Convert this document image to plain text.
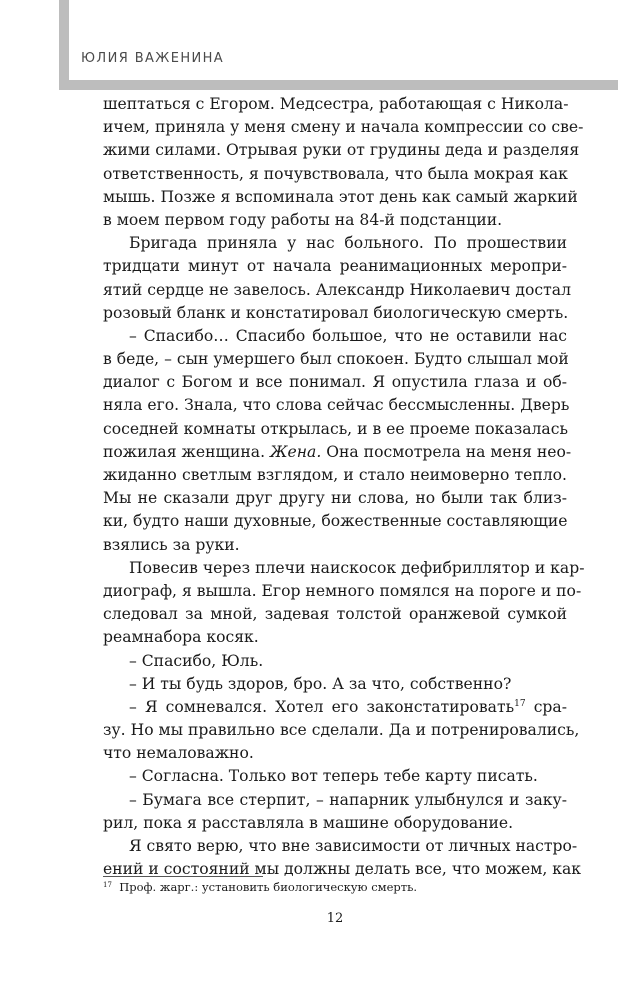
ЮЛИЯ ВАЖЕНИНА
шептаться с Егором. Медсестра, работающая с Никола-
ичем, приняла у меня смену и начала компрессии со све-
жими силами. Отрывая руки от грудины деда и разделяя
ответственность, я почувствовала, что была мокрая как
мышь. Позже я вспоминала этот день как самый жаркий
в моем первом году работы на 84-й подстанции.
Бригада приняла у нас больного. По прошествии
тридцати минут от начала реанимационных меропри-
ятий сердце не завелось. Александр Николаевич достал
розовый бланк и констатировал биологическую смерть.
– Спасибо… Спасибо большое, что не оставили нас
в беде, – сын умершего был спокоен. Будто слышал мой
диалог с Богом и все понимал. Я опустила глаза и об-
няла его. Знала, что слова сейчас бессмысленны. Дверь
соседней комнаты открылась, и в ее проеме показалась
пожилая женщина. Жена. Она посмотрела на меня нео-
жиданно светлым взглядом, и стало неимоверно тепло.
Мы не сказали друг другу ни слова, но были так близ-
ки, будто наши духовные, божественные составляющие
взялись за руки.
Повесив через плечи наискосок дефибриллятор и кар-
диограф, я вышла. Егор немного помялся на пороге и по-
следовал за мной, задевая толстой оранжевой сумкой
реамнабора косяк.
– Спасибо, Юль.
– И ты будь здоров, бро. А за что, собственно?
– Я сомневался. Хотел его законстатировать$^{17}$ сра-
зу. Но мы правильно все сделали. Да и потренировались,
что немаловажно.
– Согласна. Только вот теперь тебе карту писать.
– Бумага все стерпит, – напарник улыбнулся и заку-
рил, пока я расставляла в машине оборудование.
Я свято верю, что вне зависимости от личных настро-
ений и состояний мы должны делать все, что можем, как
$^{17}$ Проф. жарг.: установить биологическую смерть.
12
